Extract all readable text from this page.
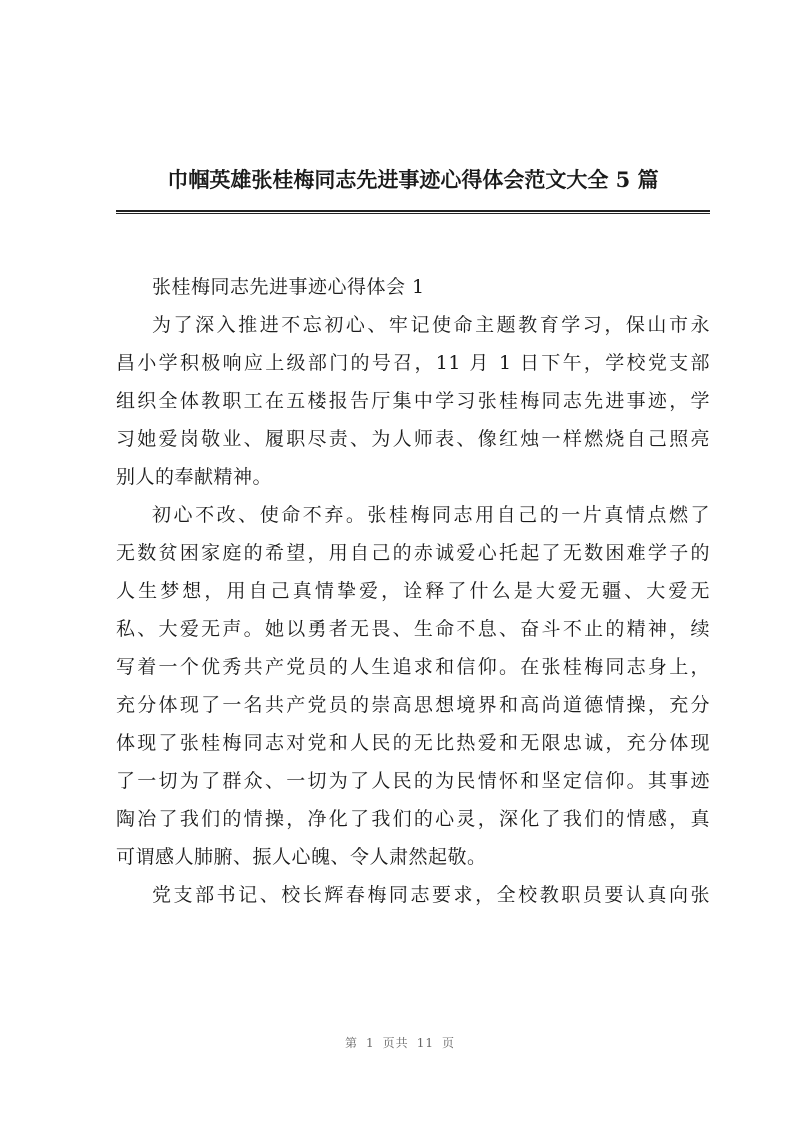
巾帼英雄张桂梅同志先进事迹心得体会范文大全 5 篇
张桂梅同志先进事迹心得体会 1
为了深入推进不忘初心、牢记使命主题教育学习，保山市永
昌小学积极响应上级部门的号召，11 月 1 日下午，学校党支部
组织全体教职工在五楼报告厅集中学习张桂梅同志先进事迹，学
习她爱岗敬业、履职尽责、为人师表、像红烛一样燃烧自己照亮
别人的奉献精神。
初心不改、使命不弃。张桂梅同志用自己的一片真情点燃了
无数贫困家庭的希望，用自己的赤诚爱心托起了无数困难学子的
人生梦想，用自己真情挚爱，诠释了什么是大爱无疆、大爱无
私、大爱无声。她以勇者无畏、生命不息、奋斗不止的精神，续
写着一个优秀共产党员的人生追求和信仰。在张桂梅同志身上，
充分体现了一名共产党员的崇高思想境界和高尚道德情操，充分
体现了张桂梅同志对党和人民的无比热爱和无限忠诚，充分体现
了一切为了群众、一切为了人民的为民情怀和坚定信仰。其事迹
陶冶了我们的情操，净化了我们的心灵，深化了我们的情感，真
可谓感人肺腑、振人心魄、令人肃然起敬。
党支部书记、校长辉春梅同志要求，全校教职员要认真向张
第 1 页共 11 页
